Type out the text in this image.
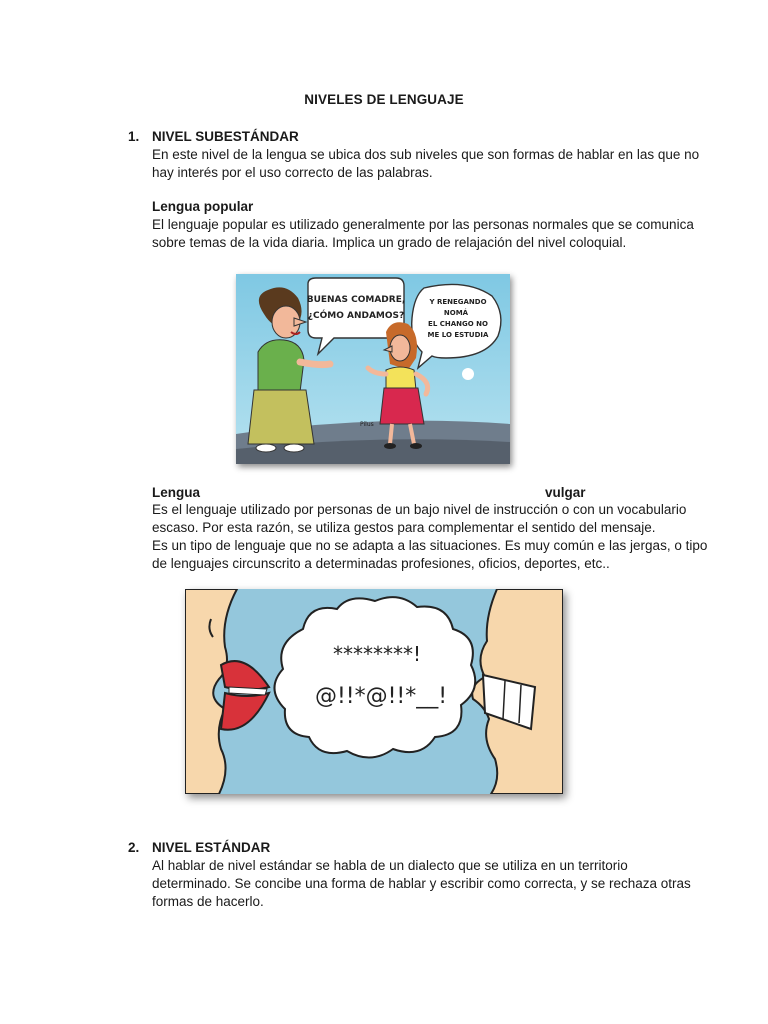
NIVELES DE LENGUAJE
1. NIVEL SUBESTÁNDAR
En este nivel de la lengua se ubica dos sub niveles que son formas de hablar en las que no
hay interés por el uso correcto de las palabras.
Lengua popular
El lenguaje popular es utilizado generalmente por las personas normales que se comunica
sobre temas de la vida diaria. Implica un grado de relajación del nivel coloquial.
BUENAS COMADRE,
¿CÓMO ANDAMOS?
Y RENEGANDO
NOMÁ
EL CHANGO NO
ME LO ESTUDIA
Pilus
Lengua	vulgar
Es el lenguaje utilizado por personas de un bajo nivel de instrucción o con un vocabulario
escaso. Por esta razón, se utiliza gestos para complementar el sentido del mensaje.
Es un tipo de lenguaje que no se adapta a las situaciones. Es muy común e las jergas, o tipo
de lenguajes circunscrito a determinadas profesiones, oficios, deportes, etc..
********!
@!!*@!!*__!
2. NIVEL ESTÁNDAR
Al hablar de nivel estándar se habla de un dialecto que se utiliza en un territorio
determinado. Se concibe una forma de hablar y escribir como correcta, y se rechaza otras
formas de hacerlo.
